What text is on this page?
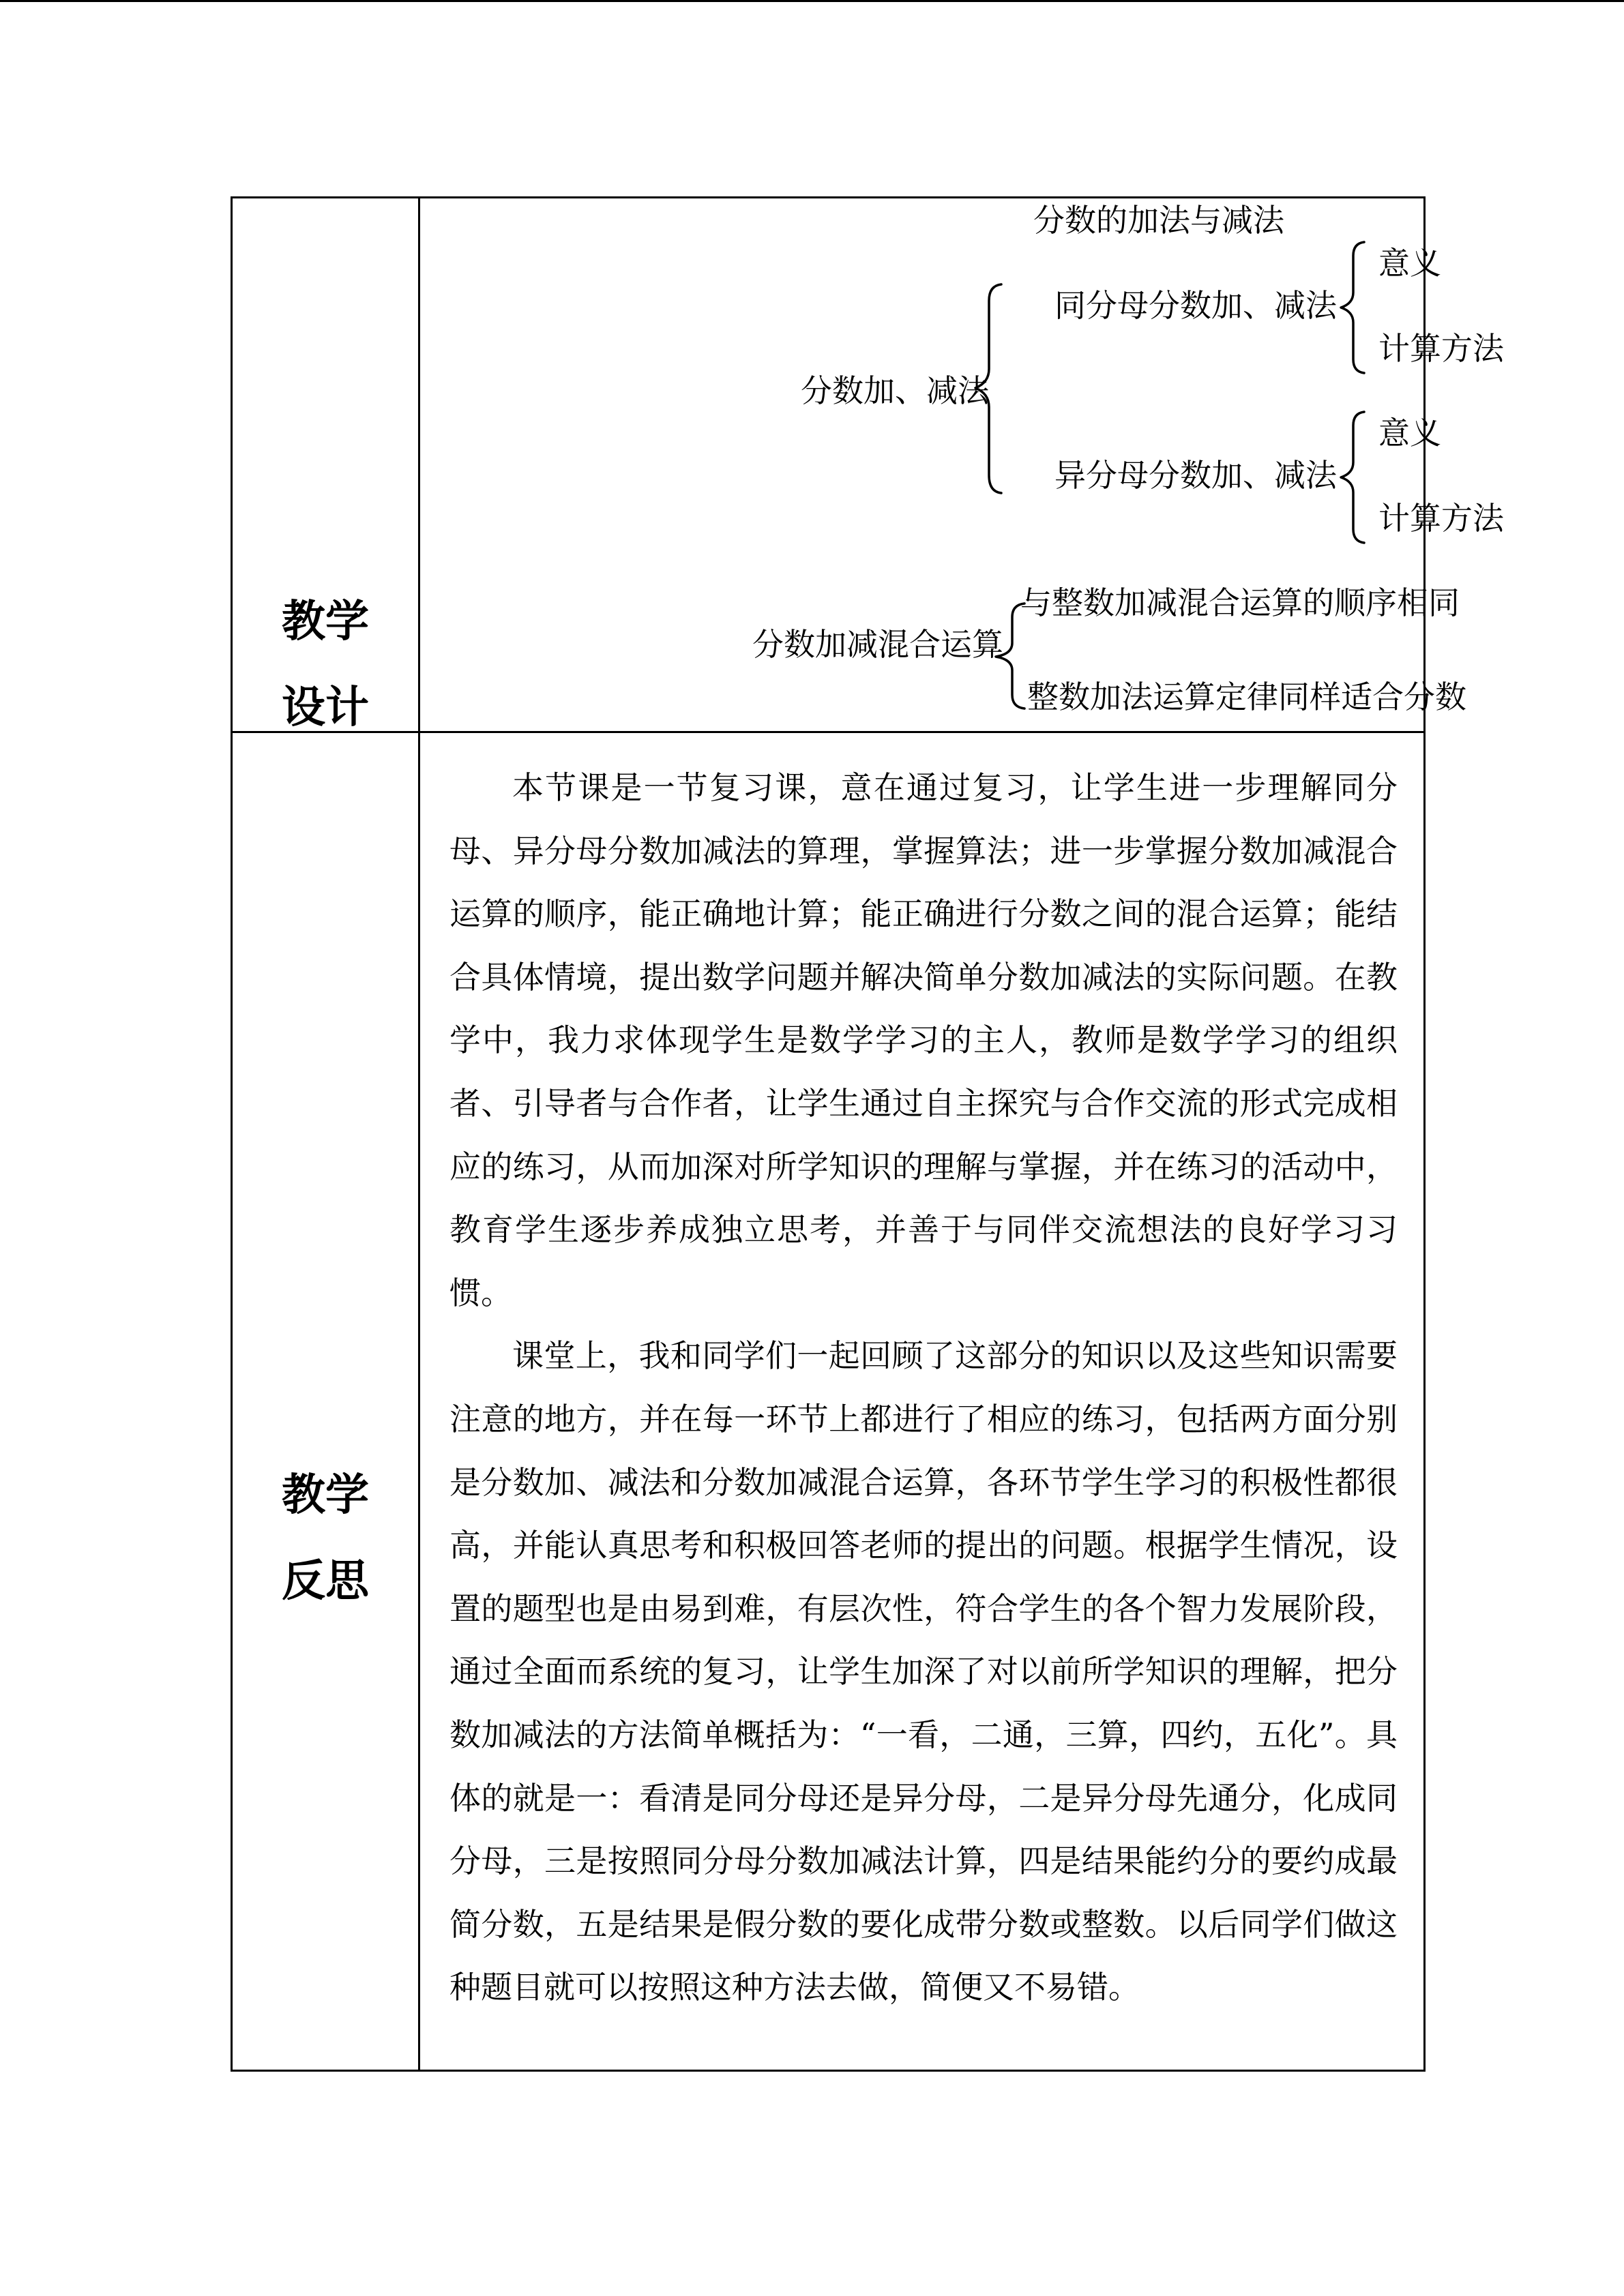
教学
设计
分数的加法与减法
分数加、减法
同分母分数加、减法
意义
计算方法
异分母分数加、减法
意义
计算方法
分数加减混合运算
与整数加减混合运算的顺序相同
整数加法运算定律同样适合分数
教学
反思

本节课是一节复习课，意在通过复习，让学生进一步理解同分母、异分母分数加减法的算理，掌握算法；进一步掌握分数加减混合运算的顺序，能正确地计算；能正确进行分数之间的混合运算；能结合具体情境，提出数学问题并解决简单分数加减法的实际问题。在教学中，我力求体现学生是数学学习的主人，教师是数学学习的组织者、引导者与合作者，让学生通过自主探究与合作交流的形式完成相应的练习，从而加深对所学知识的理解与掌握，并在练习的活动中，教育学生逐步养成独立思考，并善于与同伴交流想法的良好学习习惯。

课堂上，我和同学们一起回顾了这部分的知识以及这些知识需要注意的地方，并在每一环节上都进行了相应的练习，包括两方面分别是分数加、减法和分数加减混合运算，各环节学生学习的积极性都很高，并能认真思考和积极回答老师的提出的问题。根据学生情况，设置的题型也是由易到难，有层次性，符合学生的各个智力发展阶段，通过全面而系统的复习，让学生加深了对以前所学知识的理解，把分数加减法的方法简单概括为：“一看，二通，三算，四约，五化”。具体的就是一：看清是同分母还是异分母，二是异分母先通分，化成同分母，三是按照同分母分数加减法计算，四是结果能约分的要约成最简分数，五是结果是假分数的要化成带分数或整数。以后同学们做这种题目就可以按照这种方法去做，简便又不易错。
